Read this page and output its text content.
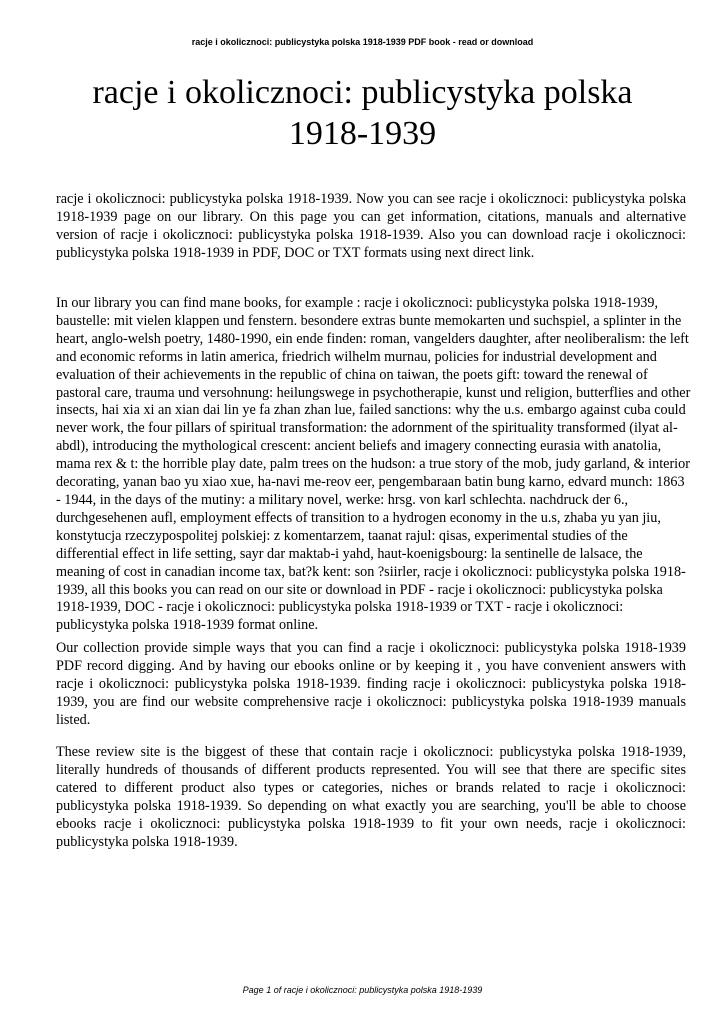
racje i okolicznoci: publicystyka polska 1918-1939 PDF book - read or download
racje i okolicznoci: publicystyka polska
1918-1939

racje i okolicznoci: publicystyka polska 1918-1939. Now you can see racje i okolicznoci: publicystyka polska 1918-1939 page on our library. On this page you can get information, citations, manuals and alternative version of racje i okolicznoci: publicystyka polska 1918-1939. Also you can download racje i okolicznoci: publicystyka polska 1918-1939 in PDF, DOC or TXT formats using next direct link.

In our library you can find mane books, for example : racje i okolicznoci: publicystyka polska 1918-1939, baustelle: mit vielen klappen und fenstern. besondere extras bunte memokarten und suchspiel, a splinter in the heart, anglo-welsh poetry, 1480-1990, ein ende finden: roman, vangelders daughter, after neoliberalism: the left and economic reforms in latin america, friedrich wilhelm murnau, policies for industrial development and evaluation of their achievements in the republic of china on taiwan, the poets gift: toward the renewal of pastoral care, trauma und versohnung: heilungswege in psychotherapie, kunst und religion, butterflies and other insects, hai xia xi an xian dai lin ye fa zhan zhan lue, failed sanctions: why the u.s. embargo against cuba could never work, the four pillars of spiritual transformation: the adornment of the spirituality transformed (ilyat al-abdl), introducing the mythological crescent: ancient beliefs and imagery connecting eurasia with anatolia, mama rex & t: the horrible play date, palm trees on the hudson: a true story of the mob, judy garland, & interior decorating, yanan bao yu xiao xue, ha-navi me-reov eer, pengembaraan batin bung karno, edvard munch: 1863 - 1944, in the days of the mutiny: a military novel, werke: hrsg. von karl schlechta. nachdruck der 6., durchgesehenen aufl, employment effects of transition to a hydrogen economy in the u.s, zhaba yu yan jiu, konstytucja rzeczypospolitej polskiej: z komentarzem, taanat rajul: qisas, experimental studies of the differential effect in life setting, sayr dar maktab-i yahd, haut-koenigsbourg: la sentinelle de lalsace, the meaning of cost in canadian income tax, bat?k kent: son ?siirler, racje i okolicznoci: publicystyka polska 1918-1939, all this books you can read on our site or download in PDF - racje i okolicznoci: publicystyka polska 1918-1939, DOC - racje i okolicznoci: publicystyka polska 1918-1939 or TXT - racje i okolicznoci: publicystyka polska 1918-1939 format online.

Our collection provide simple ways that you can find a racje i okolicznoci: publicystyka polska 1918-1939 PDF record digging. And by having our ebooks online or by keeping it , you have convenient answers with racje i okolicznoci: publicystyka polska 1918-1939. finding racje i okolicznoci: publicystyka polska 1918-1939, you are find our website comprehensive racje i okolicznoci: publicystyka polska 1918-1939 manuals listed.

These review site is the biggest of these that contain racje i okolicznoci: publicystyka polska 1918-1939, literally hundreds of thousands of different products represented. You will see that there are specific sites catered to different product also types or categories, niches or brands related to racje i okolicznoci: publicystyka polska 1918-1939. So depending on what exactly you are searching, you'll be able to choose ebooks racje i okolicznoci: publicystyka polska 1918-1939 to fit your own needs, racje i okolicznoci: publicystyka polska 1918-1939.

Page 1 of racje i okolicznoci: publicystyka polska 1918-1939
